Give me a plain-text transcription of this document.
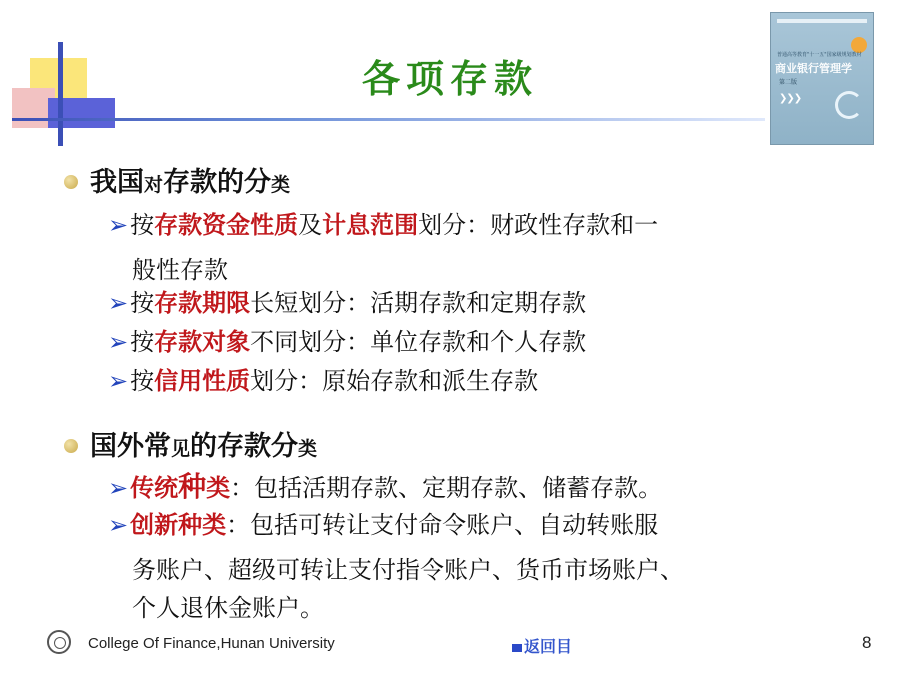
各项存款
普通高等教育"十一五"国家级规划教材
商业银行管理学
第二版
❯❯❯
我国对存款的分类
➢按存款资金性质及计息范围划分：财政性存款和一
般性存款
➢按存款期限长短划分：活期存款和定期存款
➢按存款对象不同划分：单位存款和个人存款
➢按信用性质划分：原始存款和派生存款
国外常见的存款分类
➢传统种类：包括活期存款、定期存款、储蓄存款。
➢创新种类：包括可转让支付命令账户、自动转账服
务账户、超级可转让支付指令账户、货币市场账户、
个人退休金账户。
College Of Finance,Hunan University	返回目	8
